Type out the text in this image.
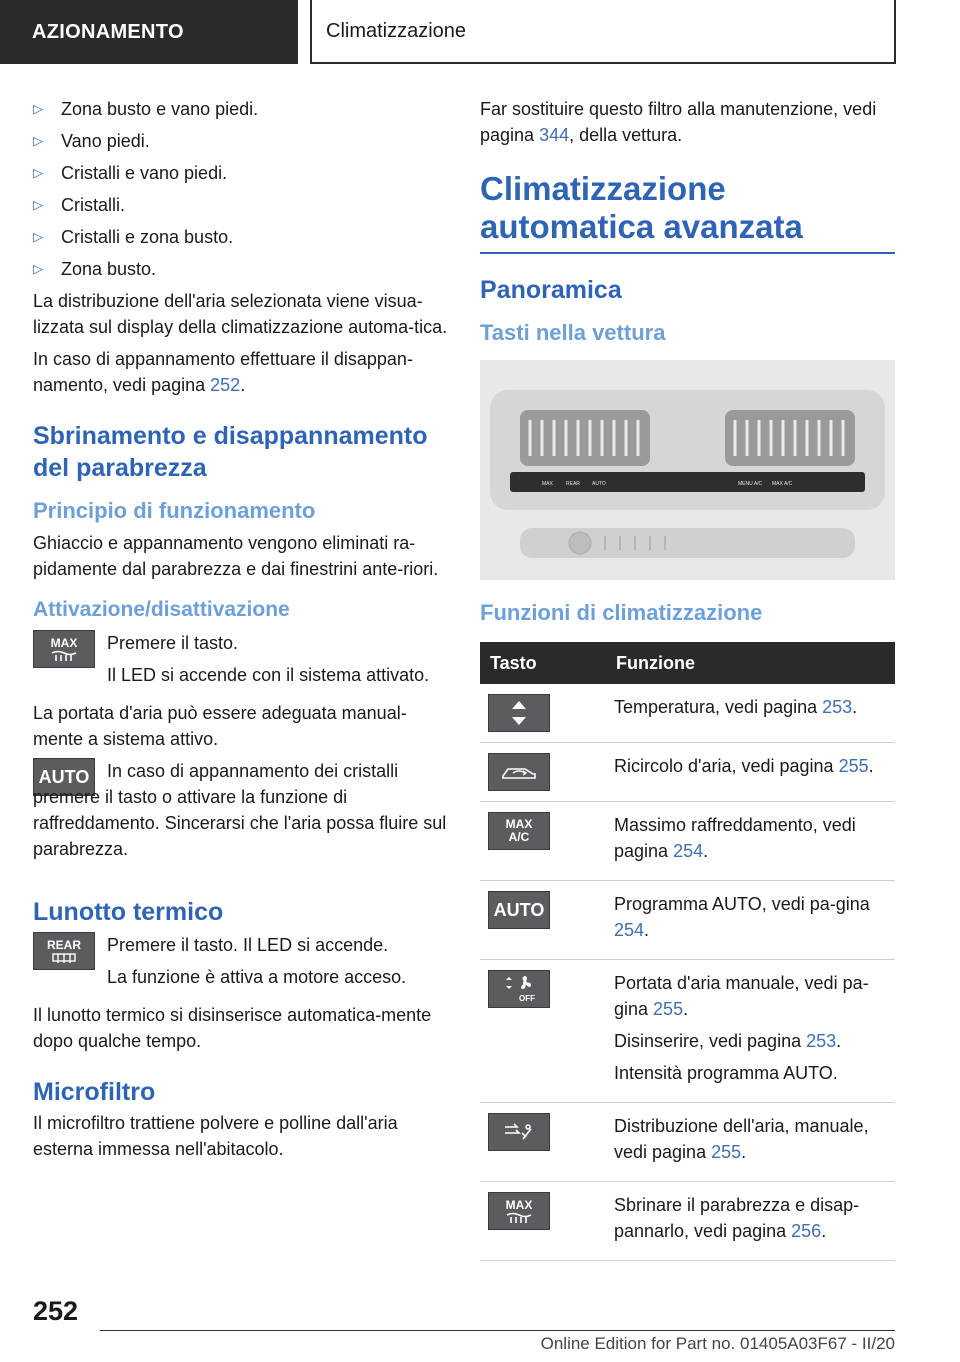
AZIONAMENTO	Climatizzazione
▷	Zona busto e vano piedi.
▷	Vano piedi.
▷	Cristalli e vano piedi.
▷	Cristalli.
▷	Cristalli e zona busto.
▷	Zona busto.

La distribuzione dell'aria selezionata viene visua-lizzata sul display della climatizzazione automa-tica.

In caso di appannamento effettuare il disappan-namento, vedi pagina 252.

Sbrinamento e disappannamento del parabrezza
Principio di funzionamento

Ghiaccio e appannamento vengono eliminati ra-pidamente dal parabrezza e dai finestrini ante-riori.

Attivazione/disattivazione
MAX Premere il tasto.

Il LED si accende con il sistema attivato.

La portata d'aria può essere adeguata manual-mente a sistema attivo.

AUTO In caso di appannamento dei cristalli premere il tasto o attivare la funzione di raffreddamento. Sincerarsi che l'aria possa fluire sul parabrezza.

Lunotto termico
REAR Premere il tasto. Il LED si accende.

La funzione è attiva a motore acceso.

Il lunotto termico si disinserisce automatica-mente dopo qualche tempo.

Microfiltro

Il microfiltro trattiene polvere e polline dall'aria esterna immessa nell'abitacolo.

Far sostituire questo filtro alla manutenzione, vedi pagina 344, della vettura.

Climatizzazione automatica avanzata
Panoramica
Tasti nella vettura
MAX	REAR AUTO	MENU A/C MAX A/C
Funzioni di climatizzazione
Tasto	Funzione

Temperatura, vedi pagina 253.

Ricircolo d'aria, vedi pagina 255.

MAX
A/C	Massimo raffreddamento, vedi pagina 254.

AUTO	Programma AUTO, vedi pa-gina 254.

OFF	Portata d'aria manuale, vedi pa-gina 255.

Disinserire, vedi pagina 253.

Intensità programma AUTO.

Distribuzione dell'aria, manuale, vedi pagina 255.

MAX	Sbrinare il parabrezza e disap-pannarlo, vedi pagina 256.

252
Online Edition for Part no. 01405A03F67 - II/20
